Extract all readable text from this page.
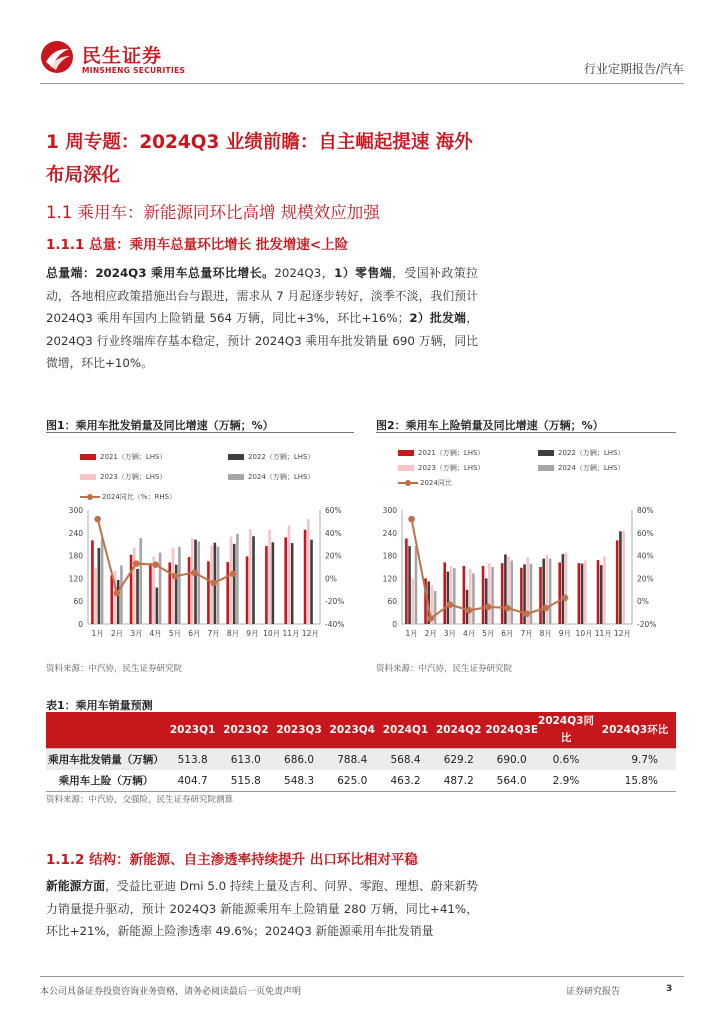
民生证券
MINSHENG SECURITIES	行业定期报告/汽车
1 周专题：2024Q3 业绩前瞻：自主崛起提速 海外布局深化
1.1 乘用车：新能源同环比高增 规模效应加强
1.1.1 总量：乘用车总量环比增长 批发增速<上险
总量端：2024Q3 乘用车总量环比增长。2024Q3，1）零售端，受国补政策拉动，各地相应政策措施出台与跟进，需求从 7 月起逐步转好，淡季不淡，我们预计 2024Q3 乘用车国内上险销量 564 万辆，同比+3%，环比+16%；2）批发端，2024Q3 行业终端库存基本稳定，预计 2024Q3 乘用车批发销量 690 万辆，同比微增，环比+10%。
图1：乘用车批发销量及同比增速（万辆；%）
2021（万辆；LHS）	2022（万辆；LHS）
2023（万辆；LHS）	2024（万辆；LHS）
2024同比（%；RHS）
0
60
120
180
240
300
-40%
-20%
0%
20%
40%
60%
1月 2月 3月 4月 5月 6月 7月 8月 9月 10月 11月 12月
资料来源：中汽协，民生证券研究院
图2：乘用车上险销量及同比增速（万辆；%）
2021（万辆；LHS）	2022（万辆；LHS）
2023（万辆；LHS）	2024（万辆；LHS）
2024同比
0
60
120
180
240
300
-20%
0%
20%
40%
60%
80%
1月 2月 3月 4月 5月 6月 7月 8月 9月 10月 11月 12月
资料来源：中汽协，民生证券研究院
表1：乘用车销量预测
	2023Q1	2023Q2	2023Q3	2023Q4	2024Q1	2024Q2	2024Q3E	2024Q3同比	2024Q3环比
乘用车批发销量（万辆）	513.8	613.0	686.0	788.4	568.4	629.2	690.0	0.6%	9.7%
乘用车上险（万辆）	404.7	515.8	548.3	625.0	463.2	487.2	564.0	2.9%	15.8%
资料来源：中汽协，交强险，民生证券研究院测算
1.1.2 结构：新能源、自主渗透率持续提升 出口环比相对平稳
新能源方面，受益比亚迪 Dmi 5.0 持续上量及吉利、问界、零跑、理想、蔚来新势力销量提升驱动，预计 2024Q3 新能源乘用车上险销量 280 万辆，同比+41%，环比+21%，新能源上险渗透率 49.6%；2024Q3 新能源乘用车批发销量
本公司具备证券投资咨询业务资格，请务必阅读最后一页免责声明	证券研究报告	3
